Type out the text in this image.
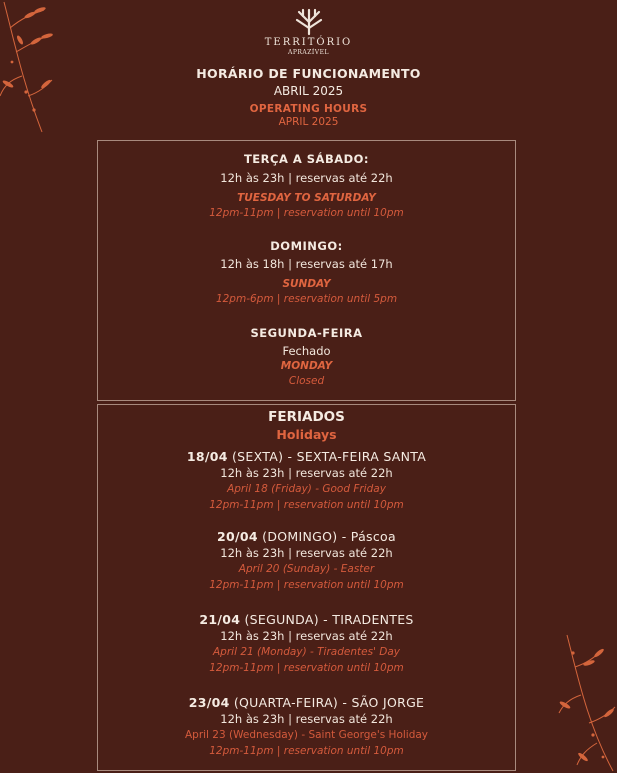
TERRITÓRIO
APRAZÍVEL
HORÁRIO DE FUNCIONAMENTO
ABRIL 2025
OPERATING HOURS
APRIL 2025
TERÇA A SÁBADO:
12h às 23h | reservas até 22h
TUESDAY TO SATURDAY
12pm-11pm | reservation until 10pm
DOMINGO:
12h às 18h | reservas até 17h
SUNDAY
12pm-6pm | reservation until 5pm
SEGUNDA-FEIRA
Fechado
MONDAY
Closed
FERIADOS
Holidays
18/04 (SEXTA) - SEXTA-FEIRA SANTA
12h às 23h | reservas até 22h
April 18 (Friday) - Good Friday
12pm-11pm | reservation until 10pm
20/04 (DOMINGO) - Páscoa
12h às 23h | reservas até 22h
April 20 (Sunday) - Easter
12pm-11pm | reservation until 10pm
21/04 (SEGUNDA) - TIRADENTES
12h às 23h | reservas até 22h
April 21 (Monday) - Tiradentes' Day
12pm-11pm | reservation until 10pm
23/04 (QUARTA-FEIRA) - SÃO JORGE
12h às 23h | reservas até 22h
April 23 (Wednesday) - Saint George's Holiday
12pm-11pm | reservation until 10pm
